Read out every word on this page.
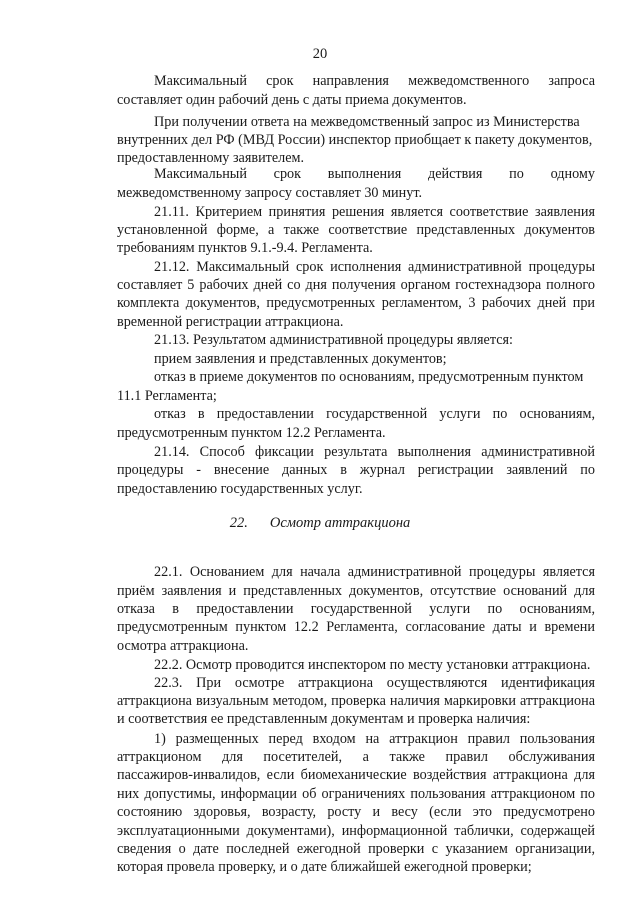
20
Максимальный срок направления межведомственного запроса
составляет один рабочий день с даты приема документов.
При получении ответа на межведомственный запрос из Министерства
внутренних дел РФ (МВД России) инспектор приобщает к пакету документов,
предоставленному заявителем.
Максимальный срок выполнения действия по одному
межведомственному запросу составляет 30 минут.
21.11. Критерием принятия решения является соответствие заявления
установленной форме, а также соответствие представленных документов
требованиям пунктов 9.1.-9.4. Регламента.
21.12. Максимальный срок исполнения административной процедуры
составляет 5 рабочих дней со дня получения органом гостехнадзора полного
комплекта документов, предусмотренных регламентом, 3 рабочих дней при
временной регистрации аттракциона.
21.13. Результатом административной процедуры является:
прием заявления и представленных документов;
отказ в приеме документов по основаниям, предусмотренным пунктом
11.1 Регламента;
отказ в предоставлении государственной услуги по основаниям,
предусмотренным пунктом 12.2 Регламента.
21.14. Способ фиксации результата выполнения административной
процедуры - внесение данных в журнал регистрации заявлений по
предоставлению государственных услуг.
22. Осмотр аттракциона
22.1. Основанием для начала административной процедуры является
приём заявления и представленных документов, отсутствие оснований для
отказа в предоставлении государственной услуги по основаниям,
предусмотренным пунктом 12.2 Регламента, согласование даты и времени
осмотра аттракциона.
22.2. Осмотр проводится инспектором по месту установки аттракциона.
22.3. При осмотре аттракциона осуществляются идентификация
аттракциона визуальным методом, проверка наличия маркировки аттракциона
и соответствия ее представленным документам и проверка наличия:
1) размещенных перед входом на аттракцион правил пользования
аттракционом для посетителей, а также правил обслуживания
пассажиров-инвалидов, если биомеханические воздействия аттракциона для
них допустимы, информации об ограничениях пользования аттракционом по
состоянию здоровья, возрасту, росту и весу (если это предусмотрено
эксплуатационными документами), информационной таблички, содержащей
сведения о дате последней ежегодной проверки с указанием организации,
которая провела проверку, и о дате ближайшей ежегодной проверки;
